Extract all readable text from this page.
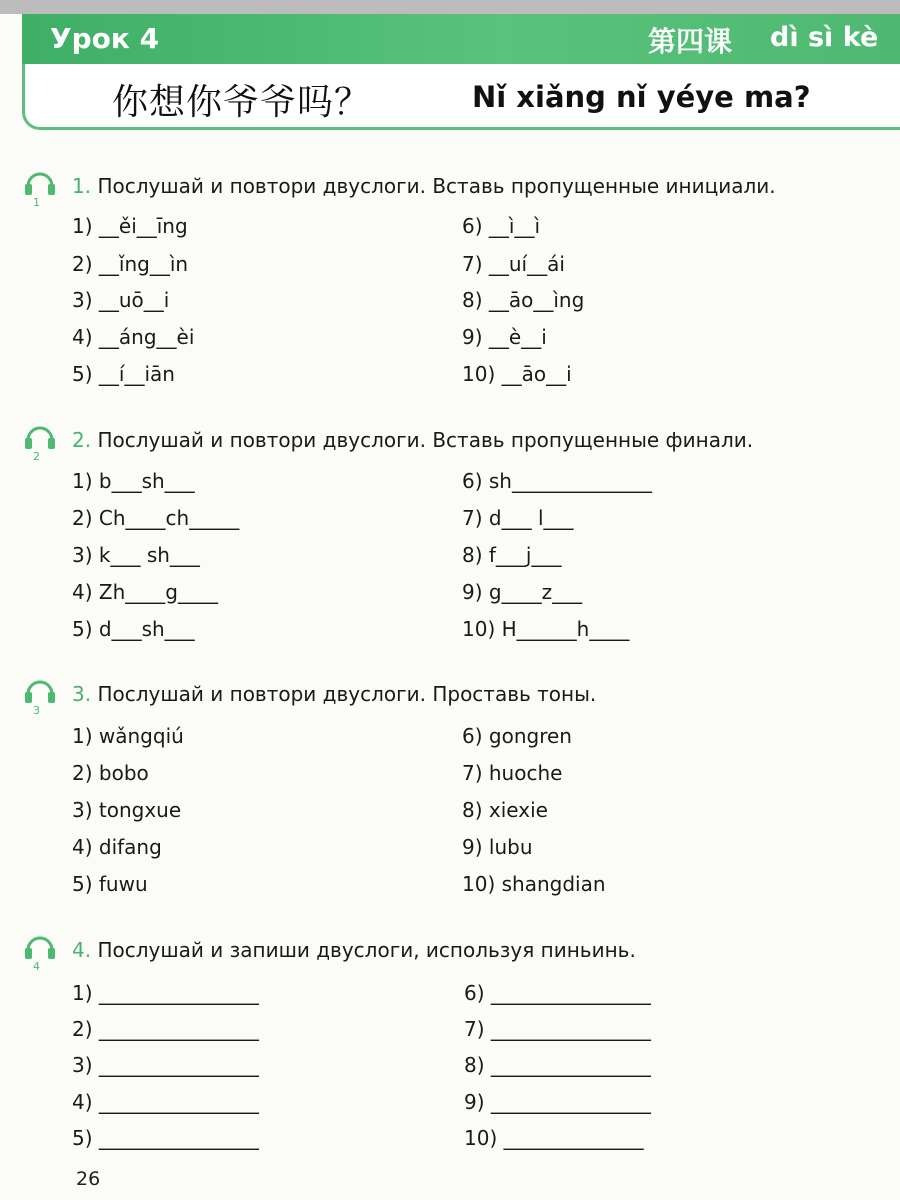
Урок 4	第四课 dì sì kè
你想你爷爷吗？	Nǐ xiǎng nǐ yéye ma?
1
1. Послушай и повтори двуслоги. Вставь пропущенные инициали.
1) __ěi__īng
2) __ǐng__ìn
3) __uō__i
4) __áng__èi
5) __í__iān
6) __ì__ì
7) __uí__ái
8) __āo__ìng
9) __è__i
10) __āo__i
2
2. Послушай и повтори двуслоги. Вставь пропущенные финали.
1) b___sh___
2) Ch____ch_____
3) k___ sh___
4) Zh____g____
5) d___sh___
6) sh______________
7) d___ l___
8) f___j___
9) g____z___
10) H______h____
3
3. Послушай и повтори двуслоги. Проставь тоны.
1) wǎngqiú
2) bobo
3) tongxue
4) difang
5) fuwu
6) gongren
7) huoche
8) xiexie
9) lubu
10) shangdian
4
4. Послушай и запиши двуслоги, используя пиньинь.
1) ________________
2) ________________
3) ________________
4) ________________
5) ________________
6) ________________
7) ________________
8) ________________
9) ________________
10) ______________
26
